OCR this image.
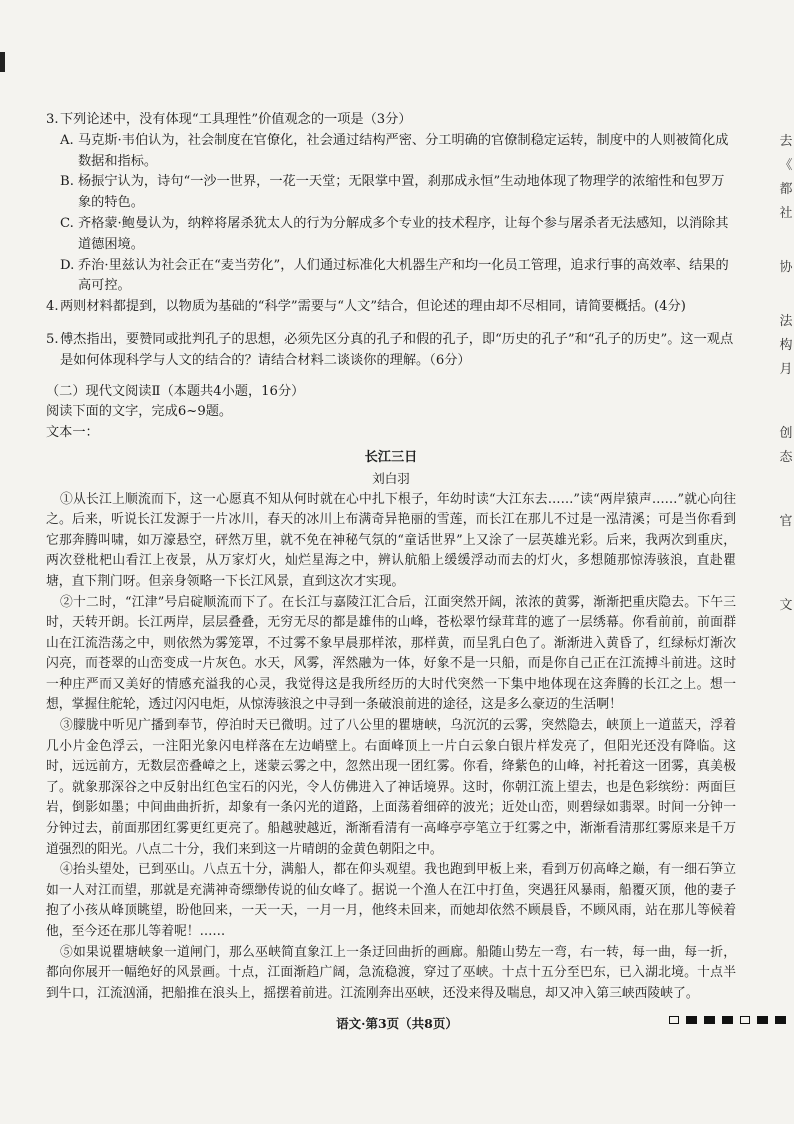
去
《
都
社
协
法
构
月
创
态
官
文
3. 下列论述中，没有体现“工具理性”价值观念的一项是（3分）
A. 马克斯·韦伯认为，社会制度在官僚化，社会通过结构严密、分工明确的官僚制稳定运转，制度中的人则被简化成数据和指标。
B. 杨振宁认为，诗句“一沙一世界，一花一天堂；无限掌中置，刹那成永恒”生动地体现了物理学的浓缩性和包罗万象的特色。
C. 齐格蒙·鲍曼认为，纳粹将屠杀犹太人的行为分解成多个专业的技术程序，让每个参与屠杀者无法感知，以消除其道德困境。
D. 乔治·里兹认为社会正在“麦当劳化”，人们通过标准化大机器生产和均一化员工管理，追求行事的高效率、结果的高可控。
4. 两则材料都提到，以物质为基础的“科学”需要与“人文”结合，但论述的理由却不尽相同，请简要概括。(4分)
5. 傅杰指出，要赞同或批判孔子的思想，必须先区分真的孔子和假的孔子，即“历史的孔子”和“孔子的历史”。这一观点是如何体现科学与人文的结合的？请结合材料二谈谈你的理解。（6分）
（二）现代文阅读Ⅱ（本题共4小题，16分）
阅读下面的文字，完成6~9题。
文本一：
长江三日
刘白羽
①从长江上顺流而下，这一心愿真不知从何时就在心中扎下根子，年幼时读“大江东去……”读“两岸猿声……”就心向往之。后来，听说长江发源于一片冰川，春天的冰川上布满奇异艳丽的雪莲，而长江在那儿不过是一泓清溪；可是当你看到它那奔腾叫啸，如万濠悬空，砰然万里，就不免在神秘气氛的“童话世界”上又涂了一层英雄光彩。后来，我两次到重庆，两次登枇杷山看江上夜景，从万家灯火，灿烂星海之中，辨认航船上缓缓浮动而去的灯火，多想随那惊涛骇浪，直赴瞿塘，直下荆门呀。但亲身领略一下长江风景，直到这次才实现。
②十二时，“江津”号启碇顺流而下了。在长江与嘉陵江汇合后，江面突然开阔，浓浓的黄雾，渐渐把重庆隐去。下午三时，天转开朗。长江两岸，层层叠叠，无穷无尽的都是雄伟的山峰，苍松翠竹绿茸茸的遮了一层绣幕。你看前前，前面群山在江流浩荡之中，则依然为雾笼罩，不过雾不象早晨那样浓，那样黄，而呈乳白色了。渐渐进入黄昏了，红绿标灯渐次闪亮，而苍翠的山峦变成一片灰色。水天，风雾，浑然融为一体，好象不是一只船，而是你自己正在江流搏斗前进。这时一种庄严而又美好的情感充溢我的心灵，我觉得这是我所经历的大时代突然一下集中地体现在这奔腾的长江之上。想一想，掌握住舵轮，透过闪闪电炬，从惊涛骇浪之中寻到一条破浪前进的途径，这是多么豪迈的生活啊！
③朦胧中听见广播到奉节，停泊时天已微明。过了八公里的瞿塘峡，乌沉沉的云雾，突然隐去，峡顶上一道蓝天，浮着几小片金色浮云，一注阳光象闪电样落在左边峭壁上。右面峰顶上一片白云象白银片样发亮了，但阳光还没有降临。这时，远远前方，无数层峦叠嶂之上，迷蒙云雾之中，忽然出现一团红雾。你看，绛紫色的山峰，衬托着这一团雾，真美极了。就象那深谷之中反射出红色宝石的闪光，令人仿佛进入了神话境界。这时，你朝江流上望去，也是色彩缤纷：两面巨岩，倒影如墨；中间曲曲折折，却象有一条闪光的道路，上面荡着细碎的波光；近处山峦，则碧绿如翡翠。时间一分钟一分钟过去，前面那团红雾更红更亮了。船越驶越近，渐渐看清有一高峰亭亭笔立于红雾之中，渐渐看清那红雾原来是千万道强烈的阳光。八点二十分，我们来到这一片晴朗的金黄色朝阳之中。
④抬头望处，已到巫山。八点五十分，满船人，都在仰头观望。我也跑到甲板上来，看到万仞高峰之巅，有一细石笋立如一人对江而望，那就是充满神奇缥缈传说的仙女峰了。据说一个渔人在江中打鱼，突遇狂风暴雨，船覆灭顶，他的妻子抱了小孩从峰顶眺望，盼他回来，一天一天，一月一月，他终未回来，而她却依然不顾晨昏，不顾风雨，站在那儿等候着他，至今还在那儿等着呢！……
⑤如果说瞿塘峡象一道闸门，那么巫峡简直象江上一条迂回曲折的画廊。船随山势左一弯，右一转，每一曲，每一折，都向你展开一幅绝好的风景画。十点，江面渐趋广阔，急流稳渡，穿过了巫峡。十点十五分至巴东，已入湖北境。十点半到牛口，江流汹涌，把船推在浪头上，摇摆着前进。江流刚奔出巫峡，还没来得及喘息，却又冲入第三峡西陵峡了。
语文·第3页（共8页）
